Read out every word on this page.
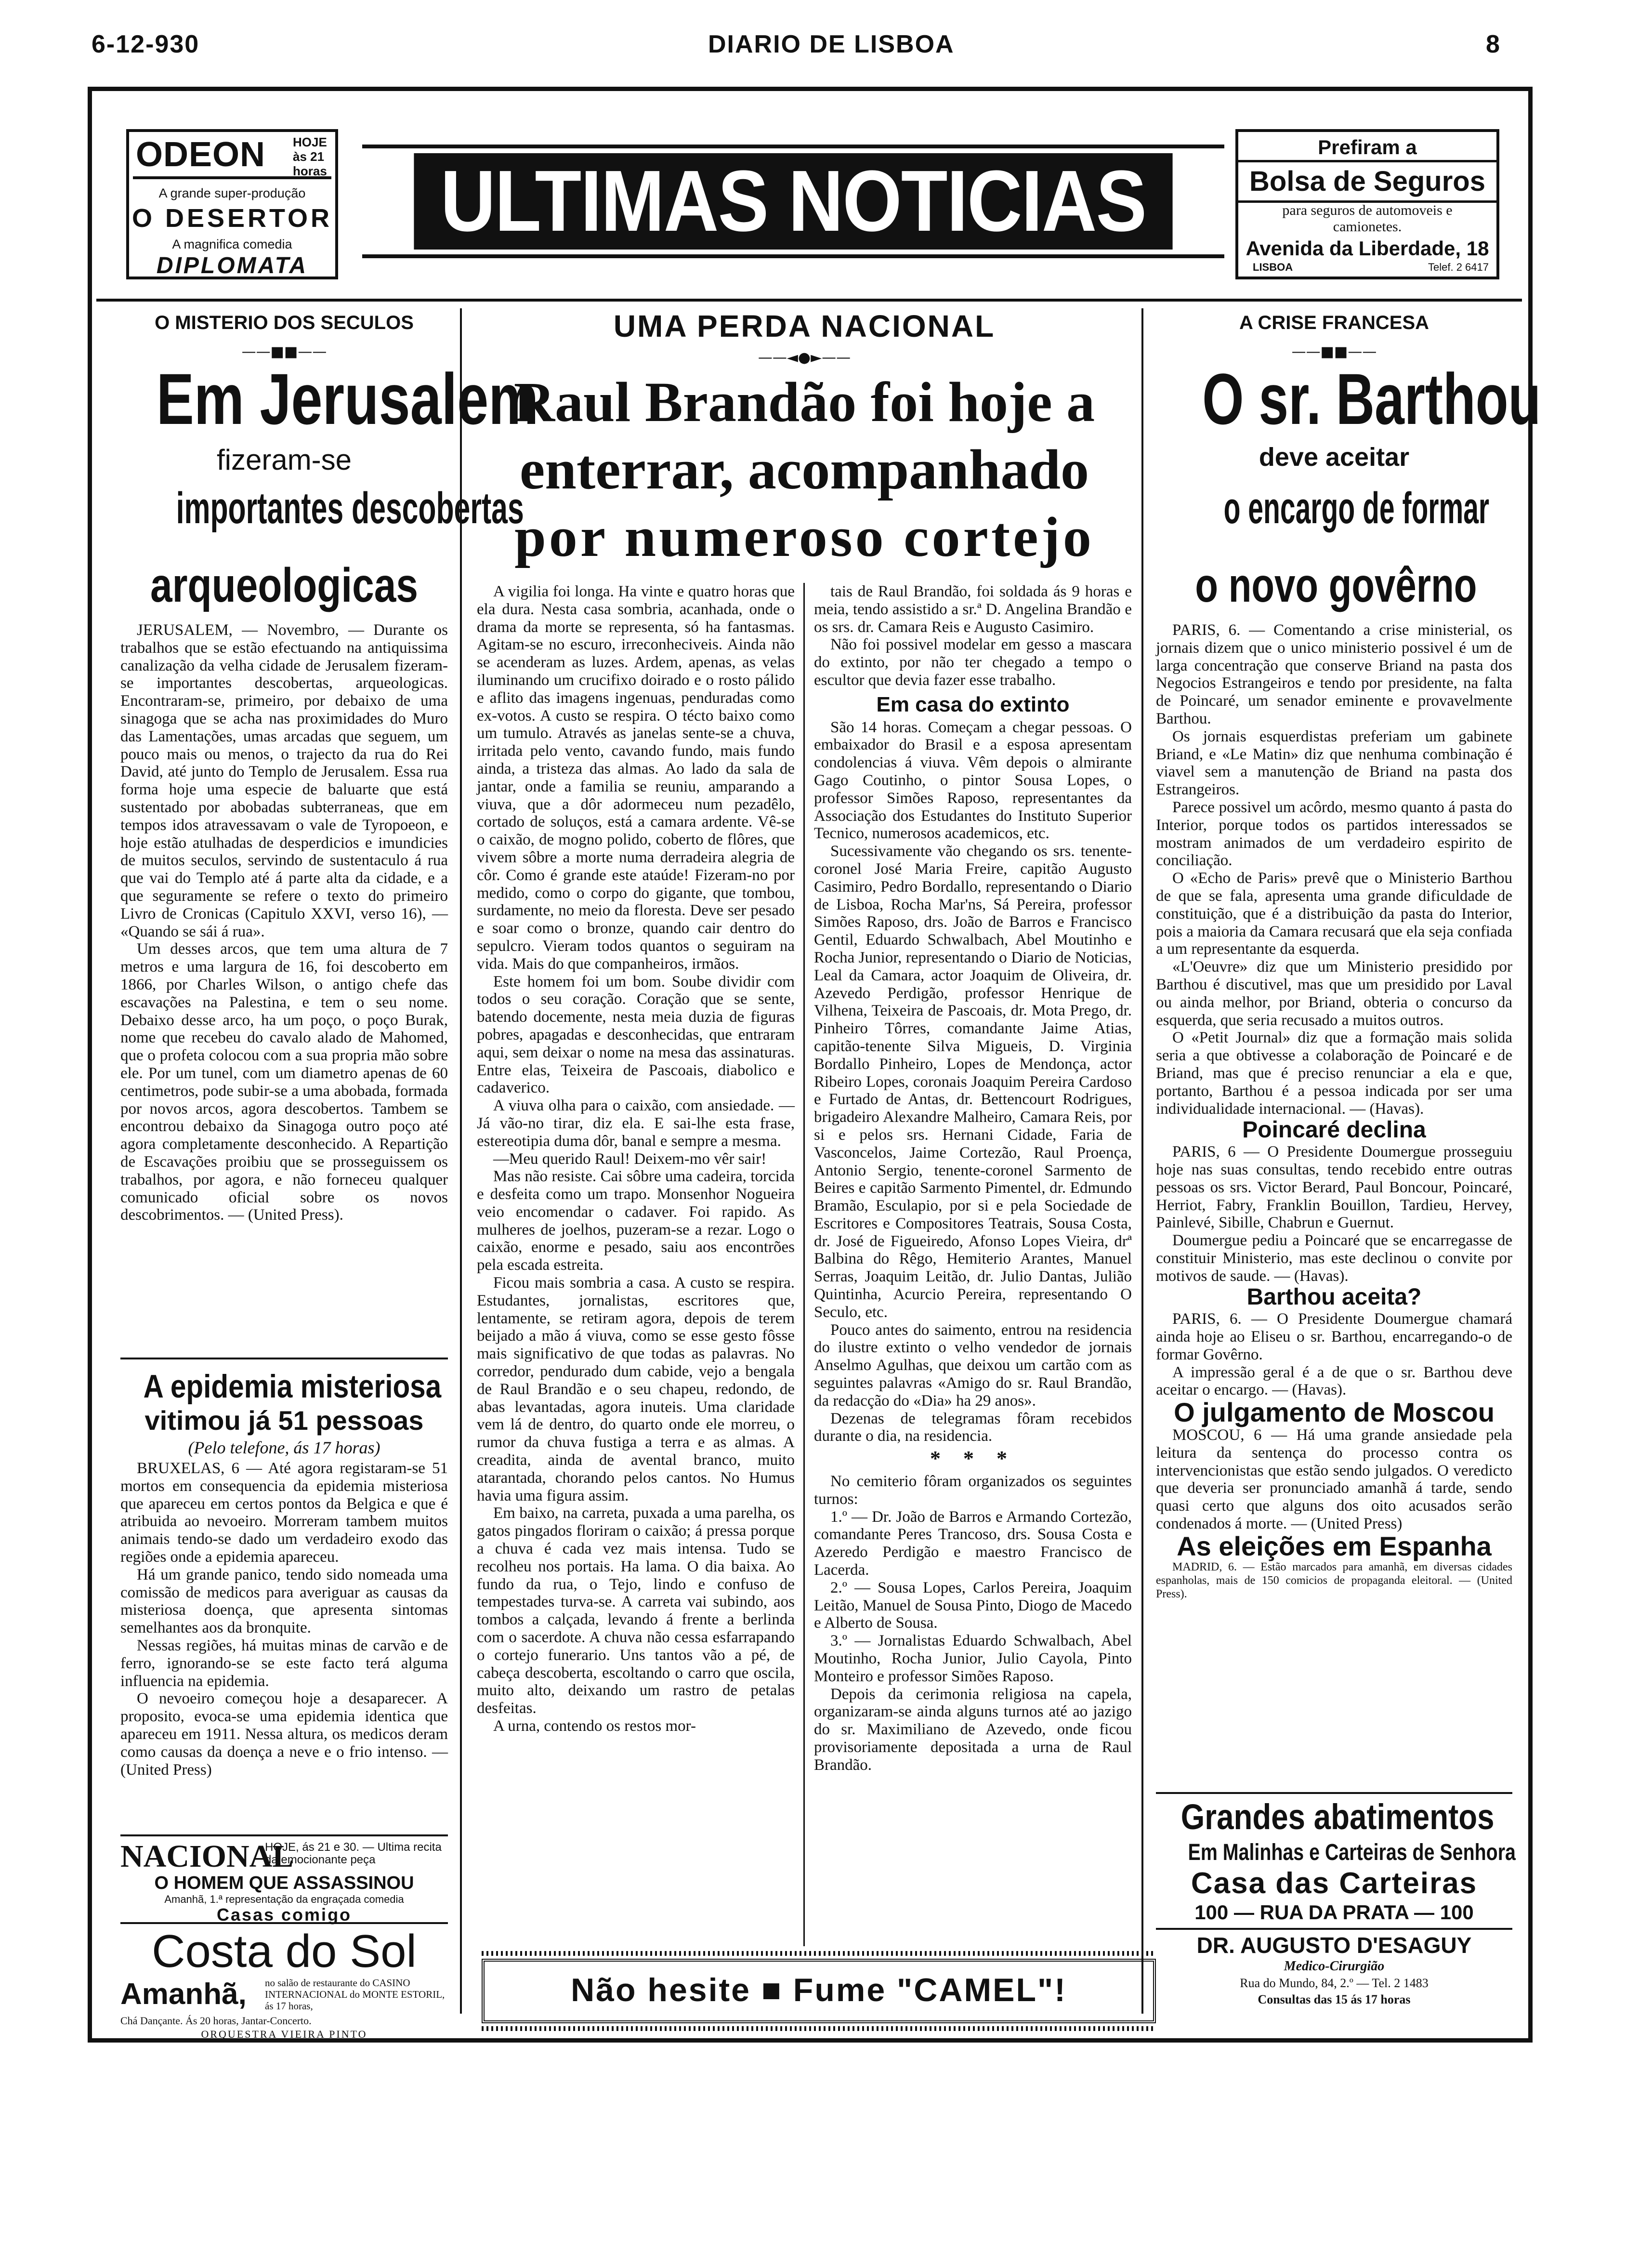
6-12-930	DIARIO DE LISBOA	8
ODEON HOJE às 21 horas
A grande super-produção
O DESERTOR
A magnifica comedia
DIPLOMATA
ULTIMAS NOTICIAS
Prefiram a
Bolsa de Seguros
para seguros de automoveis e camionetes.
Avenida da Liberdade, 18
LISBOA	Telef. 2 6417
O MISTERIO DOS SECULOS
——■■——
Em Jerusalem
fizeram-se
importantes descobertas
arqueologicas

JERUSALEM, — Novembro, — Durante os trabalhos que se estão efectuando na antiquissima canalização da velha cidade de Jerusalem fizeram-se importantes descobertas, arqueologicas. Encontraram-se, primeiro, por debaixo de uma sinagoga que se acha nas proximidades do Muro das Lamentações, umas arcadas que seguem, um pouco mais ou menos, o trajecto da rua do Rei David, até junto do Templo de Jerusalem. Essa rua forma hoje uma especie de baluarte que está sustentado por abobadas subterraneas, que em tempos idos atravessavam o vale de Tyropoeon, e hoje estão atulhadas de desperdicios e imundicies de muitos seculos, servindo de sustentaculo á rua que vai do Templo até á parte alta da cidade, e a que seguramente se refere o texto do primeiro Livro de Cronicas (Capitulo XXVI, verso 16), — «Quando se sái á rua».

Um desses arcos, que tem uma altura de 7 metros e uma largura de 16, foi descoberto em 1866, por Charles Wilson, o antigo chefe das escavações na Palestina, e tem o seu nome. Debaixo desse arco, ha um poço, o poço Burak, nome que recebeu do cavalo alado de Mahomed, que o profeta colocou com a sua propria mão sobre ele. Por um tunel, com um diametro apenas de 60 centimetros, pode subir-se a uma abobada, formada por novos arcos, agora descobertos. Tambem se encontrou debaixo da Sinagoga outro poço até agora completamente desconhecido. A Repartição de Escavações proibiu que se prosseguissem os trabalhos, por agora, e não forneceu qualquer comunicado oficial sobre os novos descobrimentos. — (United Press).

A epidemia misteriosa
vitimou já 51 pessoas
(Pelo telefone, ás 17 horas)

BRUXELAS, 6 — Até agora registaram-se 51 mortos em consequencia da epidemia misteriosa que apareceu em certos pontos da Belgica e que é atribuida ao nevoeiro. Morreram tambem muitos animais tendo-se dado um verdadeiro exodo das regiões onde a epidemia apareceu.

Há um grande panico, tendo sido nomeada uma comissão de medicos para averiguar as causas da misteriosa doença, que apresenta sintomas semelhantes aos da bronquite.

Nessas regiões, há muitas minas de carvão e de ferro, ignorando-se se este facto terá alguma influencia na epidemia.

O nevoeiro começou hoje a desaparecer. A proposito, evoca-se uma epidemia identica que apareceu em 1911. Nessa altura, os medicos deram como causas da doença a neve e o frio intenso. — (United Press)

NACIONAL
HOJE, ás 21 e 30. — Ultima recita da emocionante peça
O HOMEM QUE ASSASSINOU
Amanhã, 1.ª representação da engraçada comedia
Casas comigo
Costa do Sol
Amanhã, no salão de restaurante do CASINO INTERNACIONAL do MONTE ESTORIL, ás 17 horas,
Chá Dançante. Ás 20 horas, Jantar-Concerto.
ORQUESTRA VIEIRA PINTO
UMA PERDA NACIONAL
——◄●►——
Raul Brandão foi hoje a
enterrar, acompanhado
por numeroso cortejo

A vigilia foi longa. Ha vinte e quatro horas que ela dura. Nesta casa sombria, acanhada, onde o drama da morte se representa, só ha fantasmas. Agitam-se no escuro, irreconheciveis. Ainda não se acenderam as luzes. Ardem, apenas, as velas iluminando um crucifixo doirado e o rosto pálido e aflito das imagens ingenuas, penduradas como ex-votos. A custo se respira. O técto baixo como um tumulo. Através as janelas sente-se a chuva, irritada pelo vento, cavando fundo, mais fundo ainda, a tristeza das almas. Ao lado da sala de jantar, onde a familia se reuniu, amparando a viuva, que a dôr adormeceu num pezadêlo, cortado de soluços, está a camara ardente. Vê-se o caixão, de mogno polido, coberto de flôres, que vivem sôbre a morte numa derradeira alegria de côr. Como é grande este ataúde! Fizeram-no por medido, como o corpo do gigante, que tombou, surdamente, no meio da floresta. Deve ser pesado e soar como o bronze, quando cair dentro do sepulcro. Vieram todos quantos o seguiram na vida. Mais do que companheiros, irmãos.

Este homem foi um bom. Soube dividir com todos o seu coração. Coração que se sente, batendo docemente, nesta meia duzia de figuras pobres, apagadas e desconhecidas, que entraram aqui, sem deixar o nome na mesa das assinaturas. Entre elas, Teixeira de Pascoais, diabolico e cadaverico.

A viuva olha para o caixão, com ansiedade. — Já vão-no tirar, diz ela. E sai-lhe esta frase, estereotipia duma dôr, banal e sempre a mesma.

—Meu querido Raul! Deixem-mo vêr sair!

Mas não resiste. Cai sôbre uma cadeira, torcida e desfeita como um trapo. Monsenhor Nogueira veio encomendar o cadaver. Foi rapido. As mulheres de joelhos, puzeram-se a rezar. Logo o caixão, enorme e pesado, saiu aos encontrões pela escada estreita.

Ficou mais sombria a casa. A custo se respira. Estudantes, jornalistas, escritores que, lentamente, se retiram agora, depois de terem beijado a mão á viuva, como se esse gesto fôsse mais significativo de que todas as palavras. No corredor, pendurado dum cabide, vejo a bengala de Raul Brandão e o seu chapeu, redondo, de abas levantadas, agora inuteis. Uma claridade vem lá de dentro, do quarto onde ele morreu, o rumor da chuva fustiga a terra e as almas. A creadita, ainda de avental branco, muito atarantada, chorando pelos cantos. No Humus havia uma figura assim.

Em baixo, na carreta, puxada a uma parelha, os gatos pingados floriram o caixão; á pressa porque a chuva é cada vez mais intensa. Tudo se recolheu nos portais. Ha lama. O dia baixa. Ao fundo da rua, o Tejo, lindo e confuso de tempestades turva-se. A carreta vai subindo, aos tombos a calçada, levando á frente a berlinda com o sacerdote. A chuva não cessa esfarrapando o cortejo funerario. Uns tantos vão a pé, de cabeça descoberta, escoltando o carro que oscila, muito alto, deixando um rastro de petalas desfeitas.

A urna, contendo os restos mor-

tais de Raul Brandão, foi soldada ás 9 horas e meia, tendo assistido a sr.ª D. Angelina Brandão e os srs. dr. Camara Reis e Augusto Casimiro.

Não foi possivel modelar em gesso a mascara do extinto, por não ter chegado a tempo o escultor que devia fazer esse trabalho.

Em casa do extinto

São 14 horas. Começam a chegar pessoas. O embaixador do Brasil e a esposa apresentam condolencias á viuva. Vêm depois o almirante Gago Coutinho, o pintor Sousa Lopes, o professor Simões Raposo, representantes da Associação dos Estudantes do Instituto Superior Tecnico, numerosos academicos, etc.

Sucessivamente vão chegando os srs. tenente-coronel José Maria Freire, capitão Augusto Casimiro, Pedro Bordallo, representando o Diario de Lisboa, Rocha Mar'ns, Sá Pereira, professor Simões Raposo, drs. João de Barros e Francisco Gentil, Eduardo Schwalbach, Abel Moutinho e Rocha Junior, representando o Diario de Noticias, Leal da Camara, actor Joaquim de Oliveira, dr. Azevedo Perdigão, professor Henrique de Vilhena, Teixeira de Pascoais, dr. Mota Prego, dr. Pinheiro Tôrres, comandante Jaime Atias, capitão-tenente Silva Migueis, D. Virginia Bordallo Pinheiro, Lopes de Mendonça, actor Ribeiro Lopes, coronais Joaquim Pereira Cardoso e Furtado de Antas, dr. Bettencourt Rodrigues, brigadeiro Alexandre Malheiro, Camara Reis, por si e pelos srs. Hernani Cidade, Faria de Vasconcelos, Jaime Cortezão, Raul Proença, Antonio Sergio, tenente-coronel Sarmento de Beires e capitão Sarmento Pimentel, dr. Edmundo Bramão, Esculapio, por si e pela Sociedade de Escritores e Compositores Teatrais, Sousa Costa, dr. José de Figueiredo, Afonso Lopes Vieira, drª Balbina do Rêgo, Hemiterio Arantes, Manuel Serras, Joaquim Leitão, dr. Julio Dantas, Julião Quintinha, Acurcio Pereira, representando O Seculo, etc.

Pouco antes do saimento, entrou na residencia do ilustre extinto o velho vendedor de jornais Anselmo Agulhas, que deixou um cartão com as seguintes palavras «Amigo do sr. Raul Brandão, da redacção do «Dia» ha 29 anos».

Dezenas de telegramas fôram recebidos durante o dia, na residencia.

* * *

No cemiterio fôram organizados os seguintes turnos:

1.º — Dr. João de Barros e Armando Cortezão, comandante Peres Trancoso, drs. Sousa Costa e Azeredo Perdigão e maestro Francisco de Lacerda.

2.º — Sousa Lopes, Carlos Pereira, Joaquim Leitão, Manuel de Sousa Pinto, Diogo de Macedo e Alberto de Sousa.

3.º — Jornalistas Eduardo Schwalbach, Abel Moutinho, Rocha Junior, Julio Cayola, Pinto Monteiro e professor Simões Raposo.

Depois da cerimonia religiosa na capela, organizaram-se ainda alguns turnos até ao jazigo do sr. Maximiliano de Azevedo, onde ficou provisoriamente depositada a urna de Raul Brandão.

Não hesite ■ Fume "CAMEL"!
A CRISE FRANCESA
——■■——
O sr. Barthou
deve aceitar
o encargo de formar
o novo govêrno

PARIS, 6. — Comentando a crise ministerial, os jornais dizem que o unico ministerio possivel é um de larga concentração que conserve Briand na pasta dos Negocios Estrangeiros e tendo por presidente, na falta de Poincaré, um senador eminente e provavelmente Barthou.

Os jornais esquerdistas preferiam um gabinete Briand, e «Le Matin» diz que nenhuma combinação é viavel sem a manutenção de Briand na pasta dos Estrangeiros.

Parece possivel um acôrdo, mesmo quanto á pasta do Interior, porque todos os partidos interessados se mostram animados de um verdadeiro espirito de conciliação.

O «Echo de Paris» prevê que o Ministerio Barthou de que se fala, apresenta uma grande dificuldade de constituição, que é a distribuição da pasta do Interior, pois a maioria da Camara recusará que ela seja confiada a um representante da esquerda.

«L'Oeuvre» diz que um Ministerio presidido por Barthou é discutivel, mas que um presidido por Laval ou ainda melhor, por Briand, obteria o concurso da esquerda, que seria recusado a muitos outros.

O «Petit Journal» diz que a formação mais solida seria a que obtivesse a colaboração de Poincaré e de Briand, mas que é preciso renunciar a ela e que, portanto, Barthou é a pessoa indicada por ser uma individualidade internacional. — (Havas).

Poincaré declina

PARIS, 6 — O Presidente Doumergue prosseguiu hoje nas suas consultas, tendo recebido entre outras pessoas os srs. Victor Berard, Paul Boncour, Poincaré, Herriot, Fabry, Franklin Bouillon, Tardieu, Hervey, Painlevé, Sibille, Chabrun e Guernut.

Doumergue pediu a Poincaré que se encarregasse de constituir Ministerio, mas este declinou o convite por motivos de saude. — (Havas).

Barthou aceita?

PARIS, 6. — O Presidente Doumergue chamará ainda hoje ao Eliseu o sr. Barthou, encarregando-o de formar Govêrno.

A impressão geral é a de que o sr. Barthou deve aceitar o encargo. — (Havas).

O julgamento de Moscou

MOSCOU, 6 — Há uma grande ansiedade pela leitura da sentença do processo contra os intervencionistas que estão sendo julgados. O veredicto que deveria ser pronunciado amanhã á tarde, sendo quasi certo que alguns dos oito acusados serão condenados á morte. — (United Press)

As eleições em Espanha

MADRID, 6. — Estão marcados para amanhã, em diversas cidades espanholas, mais de 150 comicios de propaganda eleitoral. — (United Press).

Grandes abatimentos
Em Malinhas e Carteiras de Senhora
Casa das Carteiras
100 — RUA DA PRATA — 100
DR. AUGUSTO D'ESAGUY
Medico-Cirurgião
Rua do Mundo, 84, 2.º — Tel. 2 1483
Consultas das 15 ás 17 horas
